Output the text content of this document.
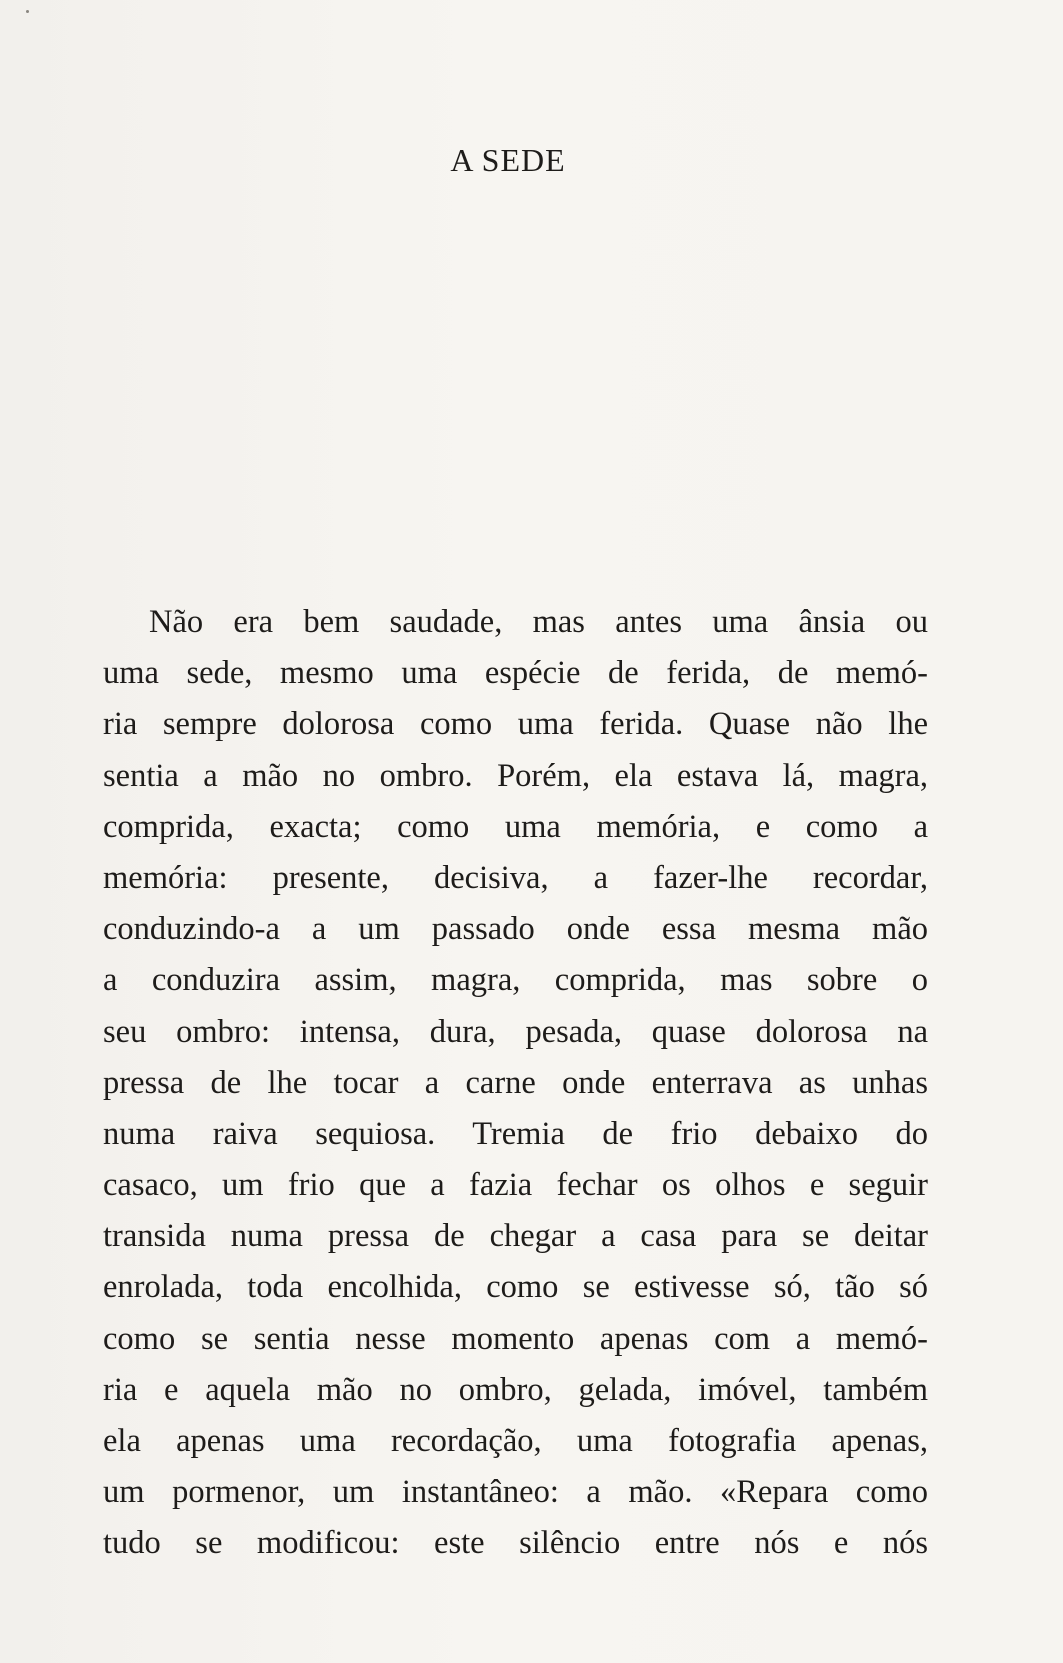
A SEDE
Não era bem saudade, mas antes uma ânsia ou
uma sede, mesmo uma espécie de ferida, de memó-
ria sempre dolorosa como uma ferida. Quase não lhe
sentia a mão no ombro. Porém, ela estava lá, magra,
comprida, exacta; como uma memória, e como a
memória: presente, decisiva, a fazer-lhe recordar,
conduzindo-a a um passado onde essa mesma mão
a conduzira assim, magra, comprida, mas sobre o
seu ombro: intensa, dura, pesada, quase dolorosa na
pressa de lhe tocar a carne onde enterrava as unhas
numa raiva sequiosa. Tremia de frio debaixo do
casaco, um frio que a fazia fechar os olhos e seguir
transida numa pressa de chegar a casa para se deitar
enrolada, toda encolhida, como se estivesse só, tão só
como se sentia nesse momento apenas com a memó-
ria e aquela mão no ombro, gelada, imóvel, também
ela apenas uma recordação, uma fotografia apenas,
um pormenor, um instantâneo: a mão. «Repara como
tudo se modificou: este silêncio entre nós e nós
